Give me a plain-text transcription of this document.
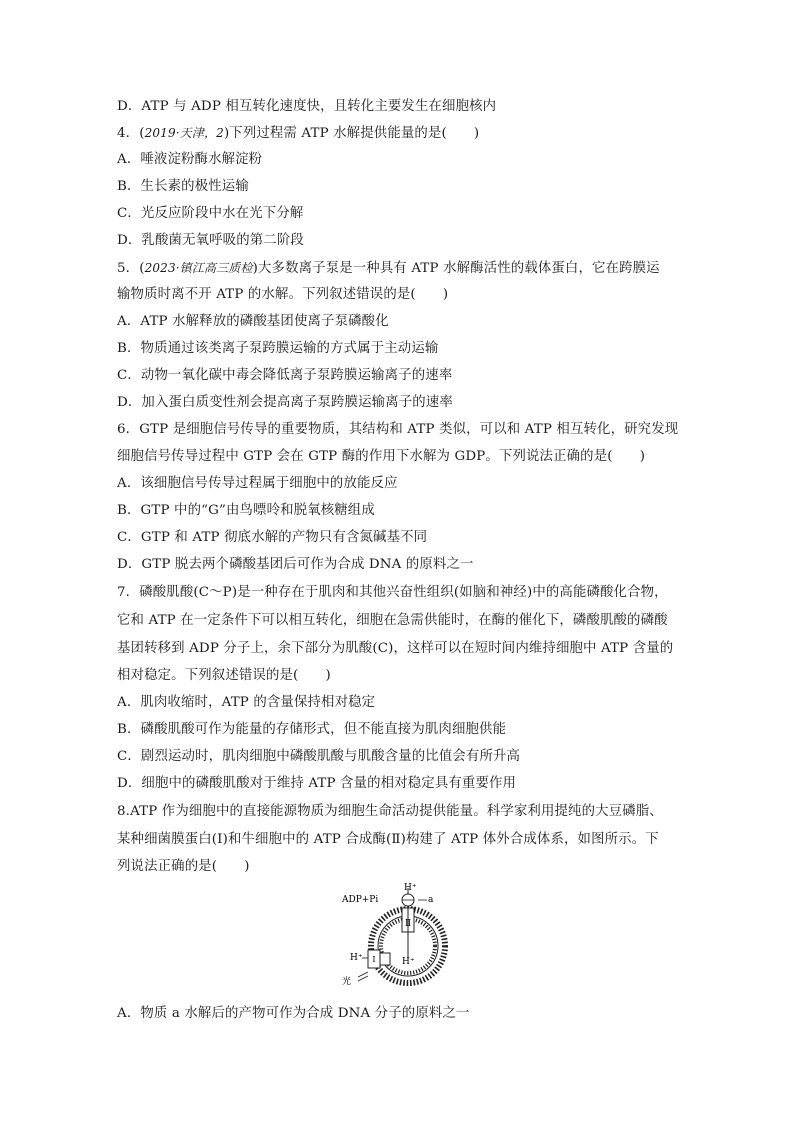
D．ATP 与 ADP 相互转化速度快，且转化主要发生在细胞核内
4．(2019·天津，2)下列过程需 ATP 水解提供能量的是(　　)
A．唾液淀粉酶水解淀粉
B．生长素的极性运输
C．光反应阶段中水在光下分解
D．乳酸菌无氧呼吸的第二阶段
5．(2023·镇江高三质检)大多数离子泵是一种具有 ATP 水解酶活性的载体蛋白，它在跨膜运
输物质时离不开 ATP 的水解。下列叙述错误的是(　　)
A．ATP 水解释放的磷酸基团使离子泵磷酸化
B．物质通过该类离子泵跨膜运输的方式属于主动运输
C．动物一氧化碳中毒会降低离子泵跨膜运输离子的速率
D．加入蛋白质变性剂会提高离子泵跨膜运输离子的速率
6．GTP 是细胞信号传导的重要物质，其结构和 ATP 类似，可以和 ATP 相互转化，研究发现
细胞信号传导过程中 GTP 会在 GTP 酶的作用下水解为 GDP。下列说法正确的是(　　)
A．该细胞信号传导过程属于细胞中的放能反应
B．GTP 中的“G”由鸟嘌呤和脱氧核糖组成
C．GTP 和 ATP 彻底水解的产物只有含氮碱基不同
D．GTP 脱去两个磷酸基团后可作为合成 DNA 的原料之一
7．磷酸肌酸(C～P)是一种存在于肌肉和其他兴奋性组织(如脑和神经)中的高能磷酸化合物，
它和 ATP 在一定条件下可以相互转化，细胞在急需供能时，在酶的催化下，磷酸肌酸的磷酸
基团转移到 ADP 分子上，余下部分为肌酸(C)，这样可以在短时间内维持细胞中 ATP 含量的
相对稳定。下列叙述错误的是(　　)
A．肌肉收缩时，ATP 的含量保持相对稳定
B．磷酸肌酸可作为能量的存储形式，但不能直接为肌肉细胞供能
C．剧烈运动时，肌肉细胞中磷酸肌酸与肌酸含量的比值会有所升高
D．细胞中的磷酸肌酸对于维持 ATP 含量的相对稳定具有重要作用
8.ATP 作为细胞中的直接能源物质为细胞生命活动提供能量。科学家利用提纯的大豆磷脂、
某种细菌膜蛋白(Ⅰ)和牛细胞中的 ATP 合成酶(Ⅱ)构建了 ATP 体外合成体系，如图所示。下
列说法正确的是(　　)
Ⅱ
Ⅰ
ADP+Pi
H⁺
a
H⁺	H⁺
光
A．物质 a 水解后的产物可作为合成 DNA 分子的原料之一
